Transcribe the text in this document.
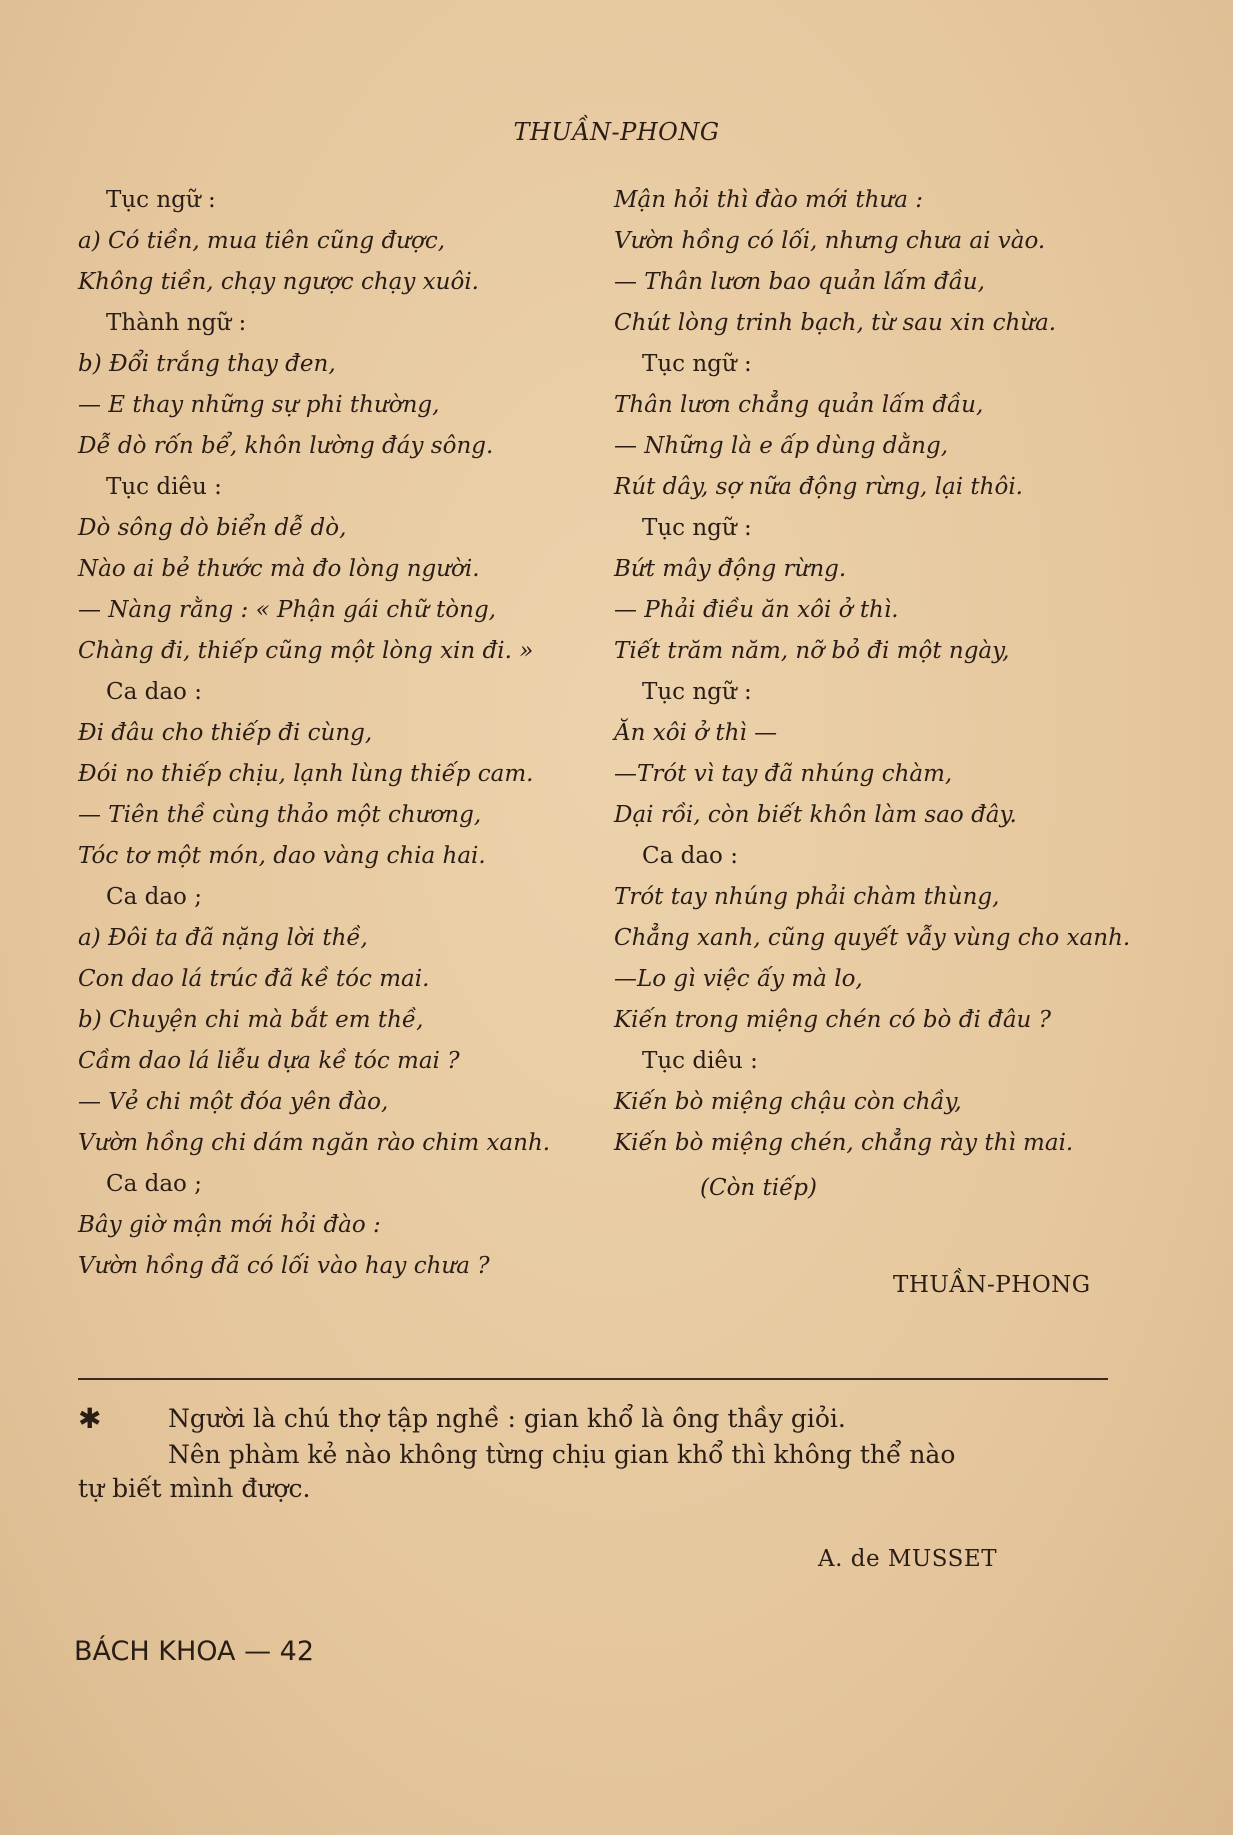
THUẦN-PHONG
Tục ngữ :
a) Có tiền, mua tiên cũng được,
Không tiền, chạy ngược chạy xuôi.
Thành ngữ :
b) Đổi trắng thay đen,
— E thay những sự phi thường,
Dễ dò rốn bể, khôn lường đáy sông.
Tục diêu :
Dò sông dò biển dễ dò,
Nào ai bẻ thước mà đo lòng người.
— Nàng rằng : « Phận gái chữ tòng,
Chàng đi, thiếp cũng một lòng xin đi. »
Ca dao :
Đi đâu cho thiếp đi cùng,
Đói no thiếp chịu, lạnh lùng thiếp cam.
— Tiên thề cùng thảo một chương,
Tóc tơ một món, dao vàng chia hai.
Ca dao ;
a) Đôi ta đã nặng lời thề,
Con dao lá trúc đã kề tóc mai.
b) Chuyện chi mà bắt em thề,
Cầm dao lá liễu dựa kề tóc mai ?
— Vẻ chi một đóa yên đào,
Vườn hồng chi dám ngăn rào chim xanh.
Ca dao ;
Bây giờ mận mới hỏi đào :
Vườn hồng đã có lối vào hay chưa ?
Mận hỏi thì đào mới thưa :
Vườn hồng có lối, nhưng chưa ai vào.
— Thân lươn bao quản lấm đầu,
Chút lòng trinh bạch, từ sau xin chừa.
Tục ngữ :
Thân lươn chẳng quản lấm đầu,
— Những là e ấp dùng dằng,
Rút dây, sợ nữa động rừng, lại thôi.
Tục ngữ :
Bứt mây động rừng.
— Phải điều ăn xôi ở thì.
Tiết trăm năm, nỡ bỏ đi một ngày,
Tục ngữ :
Ăn xôi ở thì —
—Trót vì tay đã nhúng chàm,
Dại rồi, còn biết khôn làm sao đây.
Ca dao :
Trót tay nhúng phải chàm thùng,
Chẳng xanh, cũng quyết vẫy vùng cho xanh.
—Lo gì việc ấy mà lo,
Kiến trong miệng chén có bò đi đâu ?
Tục diêu :
Kiến bò miệng chậu còn chầy,
Kiến bò miệng chén, chẳng rày thì mai.
(Còn tiếp)
THUẦN-PHONG
✱	Người là chú thợ tập nghề : gian khổ là ông thầy giỏi.
Nên phàm kẻ nào không từng chịu gian khổ thì không thể nào
tự biết mình được.
A. de MUSSET
BÁCH KHOA — 42
